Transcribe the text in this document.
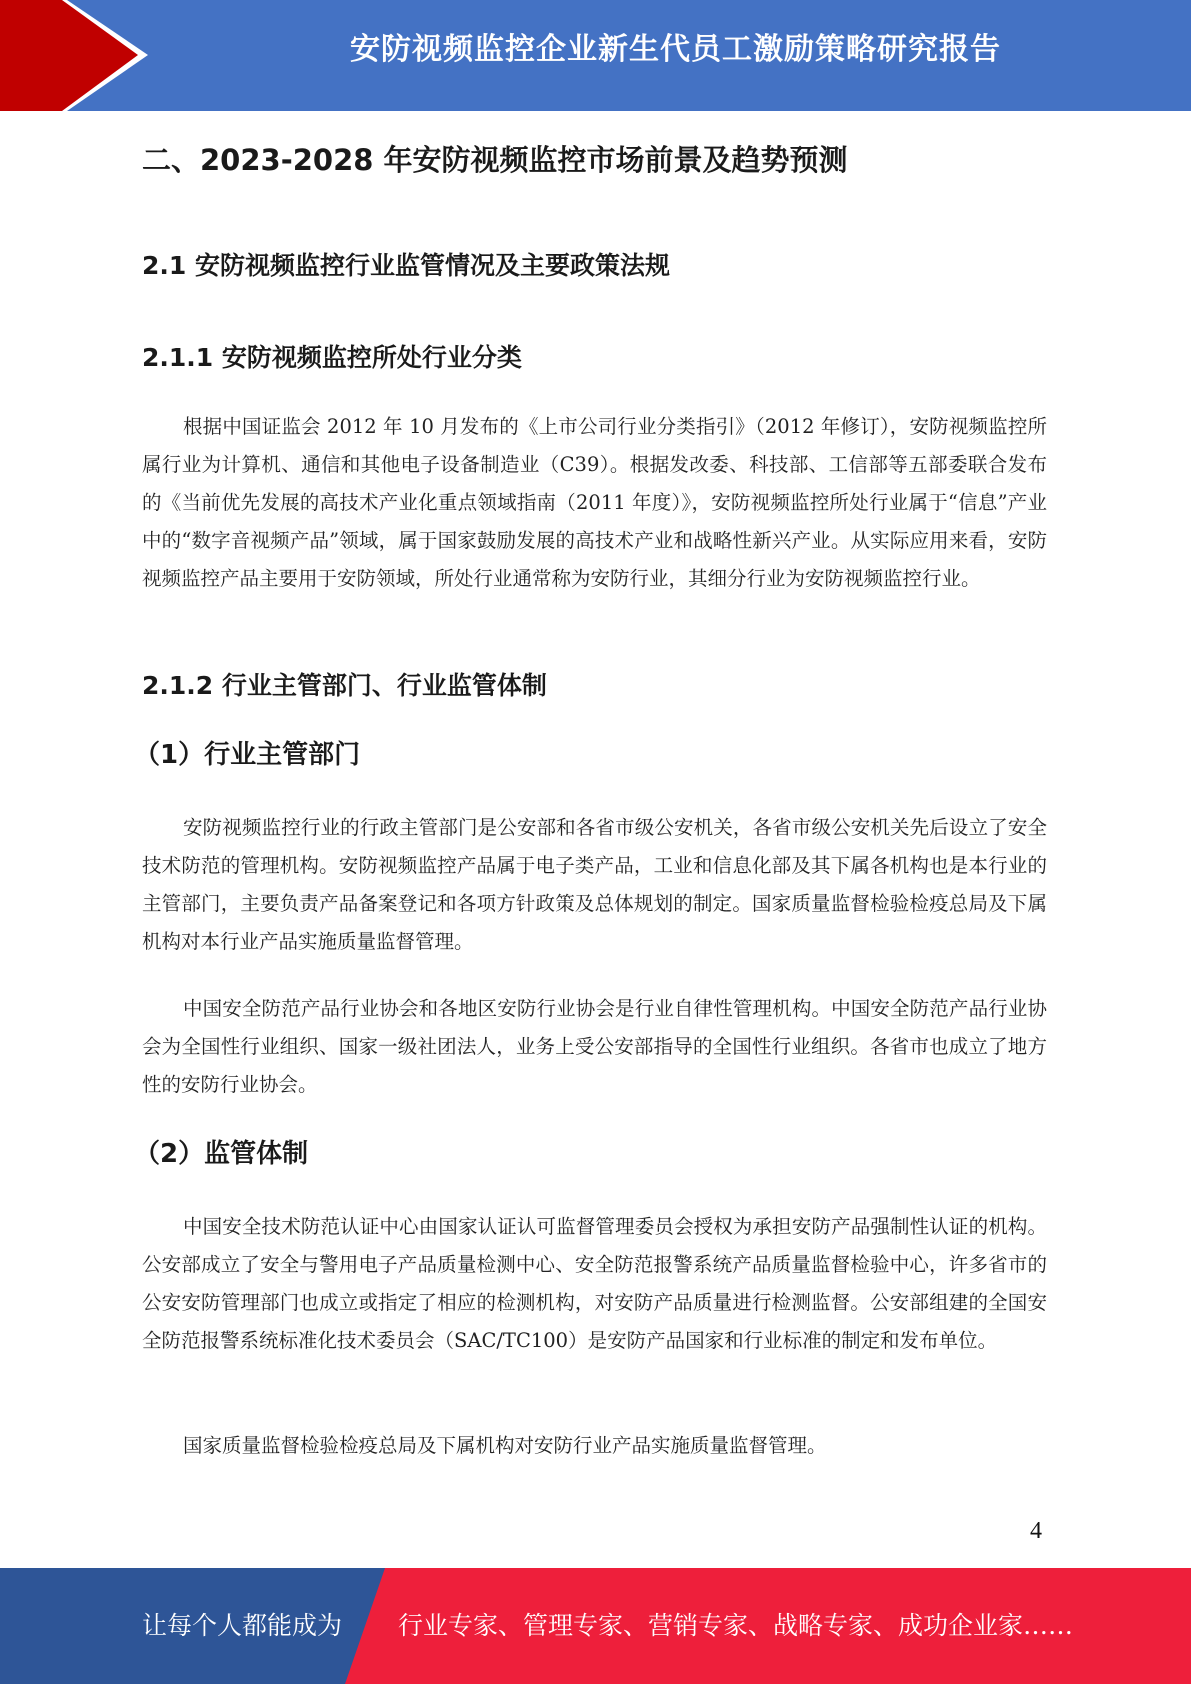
安防视频监控企业新生代员工激励策略研究报告
二、2023-2028 年安防视频监控市场前景及趋势预测
2.1 安防视频监控行业监管情况及主要政策法规
2.1.1 安防视频监控所处行业分类

根据中国证监会 2012 年 10 月发布的《上市公司行业分类指引》（2012 年修订），安防视频监控所属行业为计算机、通信和其他电子设备制造业（C39）。根据发改委、科技部、工信部等五部委联合发布的《当前优先发展的高技术产业化重点领域指南（2011 年度）》，安防视频监控所处行业属于“信息”产业中的“数字音视频产品”领域，属于国家鼓励发展的高技术产业和战略性新兴产业。从实际应用来看，安防视频监控产品主要用于安防领域，所处行业通常称为安防行业，其细分行业为安防视频监控行业。

2.1.2 行业主管部门、行业监管体制
（1）行业主管部门

安防视频监控行业的行政主管部门是公安部和各省市级公安机关，各省市级公安机关先后设立了安全技术防范的管理机构。安防视频监控产品属于电子类产品，工业和信息化部及其下属各机构也是本行业的主管部门，主要负责产品备案登记和各项方针政策及总体规划的制定。国家质量监督检验检疫总局及下属机构对本行业产品实施质量监督管理。

中国安全防范产品行业协会和各地区安防行业协会是行业自律性管理机构。中国安全防范产品行业协会为全国性行业组织、国家一级社团法人，业务上受公安部指导的全国性行业组织。各省市也成立了地方性的安防行业协会。

（2）监管体制

中国安全技术防范认证中心由国家认证认可监督管理委员会授权为承担安防产品强制性认证的机构。公安部成立了安全与警用电子产品质量检测中心、安全防范报警系统产品质量监督检验中心，许多省市的公安安防管理部门也成立或指定了相应的检测机构，对安防产品质量进行检测监督。公安部组建的全国安全防范报警系统标准化技术委员会（SAC/TC100）是安防产品国家和行业标准的制定和发布单位。

国家质量监督检验检疫总局及下属机构对安防行业产品实施质量监督管理。

4
让每个人都能成为 行业专家、管理专家、营销专家、战略专家、成功企业家……
